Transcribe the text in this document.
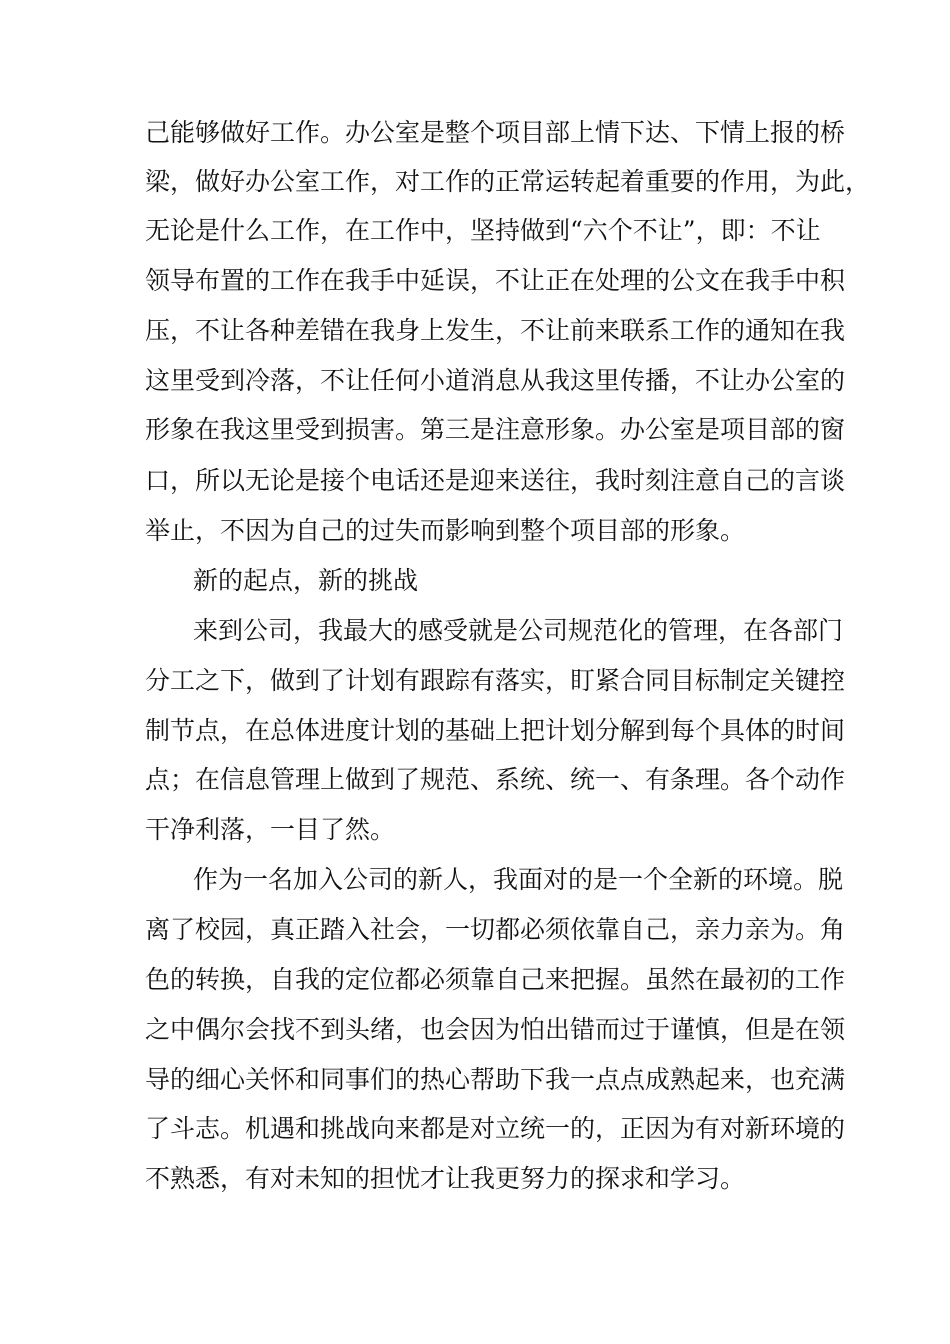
己能够做好工作。办公室是整个项目部上情下达、下情上报的桥
梁，做好办公室工作，对工作的正常运转起着重要的作用，为此，
无论是什么工作，在工作中，坚持做到“六个不让”，即：不让
领导布置的工作在我手中延误，不让正在处理的公文在我手中积
压，不让各种差错在我身上发生，不让前来联系工作的通知在我
这里受到冷落，不让任何小道消息从我这里传播，不让办公室的
形象在我这里受到损害。第三是注意形象。办公室是项目部的窗
口，所以无论是接个电话还是迎来送往，我时刻注意自己的言谈
举止，不因为自己的过失而影响到整个项目部的形象。
新的起点，新的挑战
来到公司，我最大的感受就是公司规范化的管理，在各部门
分工之下，做到了计划有跟踪有落实，盯紧合同目标制定关键控
制节点，在总体进度计划的基础上把计划分解到每个具体的时间
点；在信息管理上做到了规范、系统、统一、有条理。各个动作
干净利落，一目了然。
作为一名加入公司的新人，我面对的是一个全新的环境。脱
离了校园，真正踏入社会，一切都必须依靠自己，亲力亲为。角
色的转换，自我的定位都必须靠自己来把握。虽然在最初的工作
之中偶尔会找不到头绪，也会因为怕出错而过于谨慎，但是在领
导的细心关怀和同事们的热心帮助下我一点点成熟起来，也充满
了斗志。机遇和挑战向来都是对立统一的，正因为有对新环境的
不熟悉，有对未知的担忧才让我更努力的探求和学习。
